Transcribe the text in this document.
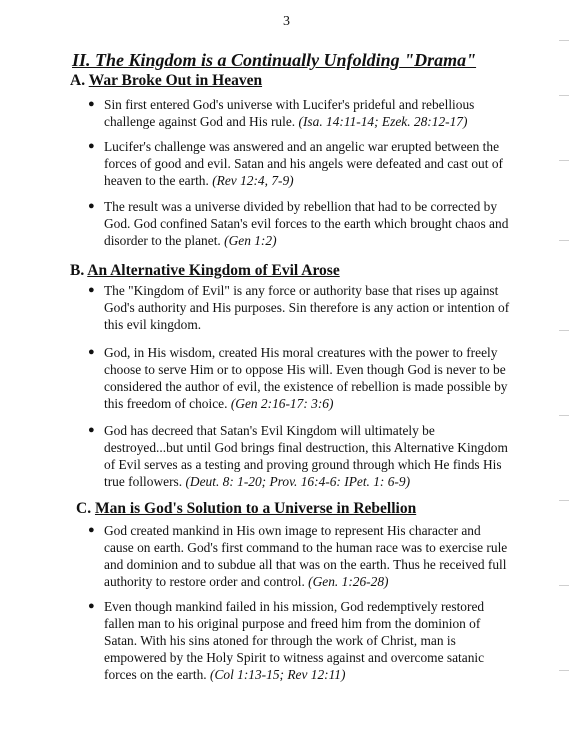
3
II. The Kingdom is a Continually Unfolding "Drama"
A. War Broke Out in Heaven
● Sin first entered God's universe with Lucifer's prideful and rebellious challenge against God and His rule. (Isa. 14:11-14; Ezek. 28:12-17)
● Lucifer's challenge was answered and an angelic war erupted between the forces of good and evil. Satan and his angels were defeated and cast out of heaven to the earth. (Rev 12:4, 7-9)
● The result was a universe divided by rebellion that had to be corrected by God. God confined Satan's evil forces to the earth which brought chaos and disorder to the planet. (Gen 1:2)
B. An Alternative Kingdom of Evil Arose
● The "Kingdom of Evil" is any force or authority base that rises up against God's authority and His purposes. Sin therefore is any action or intention of this evil kingdom.
● God, in His wisdom, created His moral creatures with the power to freely choose to serve Him or to oppose His will. Even though God is never to be considered the author of evil, the existence of rebellion is made possible by this freedom of choice. (Gen 2:16-17: 3:6)
● God has decreed that Satan's Evil Kingdom will ultimately be destroyed...but until God brings final destruction, this Alternative Kingdom of Evil serves as a testing and proving ground through which He finds His true followers. (Deut. 8: 1-20; Prov. 16:4-6: IPet. 1: 6-9)
C. Man is God's Solution to a Universe in Rebellion
● God created mankind in His own image to represent His character and cause on earth. God's first command to the human race was to exercise rule and dominion and to subdue all that was on the earth. Thus he received full authority to restore order and control. (Gen. 1:26-28)
● Even though mankind failed in his mission, God redemptively restored fallen man to his original purpose and freed him from the dominion of Satan. With his sins atoned for through the work of Christ, man is empowered by the Holy Spirit to witness against and overcome satanic forces on the earth. (Col 1:13-15; Rev 12:11)
